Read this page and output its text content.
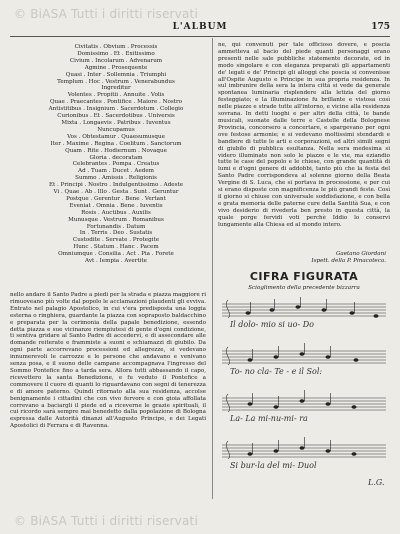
© BiASA Tutti i diritti riservati
L'ALBUM	175
Civitatis . Obvium . Processis
Domissimo . Et . Exitissimo
Civium . Incolarum . Advenarum
Agmine . Prosequente
Quasi . Inter . Sollemnia . Triumphi
Templum . Hoc . Vestrum . Venerabundus
Ingreditur
Volentes . Propitii . Annuite . Volis
Quae . Praecantes . Pontifice . Maiore . Nostro
Antistitibus . Insignium . Sacerdotum . Collegio
Curionibus . Et . Sacerdotibus . Universis
Mixta . Longaevis . Patribus . Iuventus
Nuncupamus
Vos . Obtestamur . Quaesumusque
Iter . Maxime . Regina . Coelitum . Sanctorum
Quam . Rite . Hodiernum . Novaque
Gloria . decoratam
Celebrantes . Pompa . Creatus
Ad . Tuam . Ducet . Aedem
Summo . Amissis . Religionis
Et . Principi . Nostro . Indulgentissimo . Adeste
Vi . Quae . Ab . Illo . Gesta . Sunt . Geruntur
Postque . Gerentur . Bene . Vertant
Eveniat . Omnia . Bene . Iuventis
Rosis . Auctibus . Auxilis
Munusque . Vestrum . Romanibus
Fortunandis . Datum
In . Terris . Deo . Sustatis
Custodite . Servate . Protegite
Hunc . Statum . Hanc . Pacem
Omniumque . Consilia . Act . Pia . Forete
Avt . Iempia . Avertite
nello andare il Santo Padre a piedi per la strada e piazza maggiore ri rimuoveano più volte dal popolo le acclamazioni plaudenti gli evviva. Entrato nel palagio Apostolico, in cui v'era predisposta una loggia esterna o ringhiera, guardante la piazza con sopraposto baldacchino e preparata per la cerimonia della papale benedizione, essendo detta piazza e sue vicinanze riempiutesi di gente d'ogni condizione, ti sentiva gridare al Santo Padre di accedervi, e di assecondare alle domande reiterate e frammiste a suoni e schiamazzi di giubilo. Da ogni parte accorrevano processioni ed allegrezze, si vedevano innumerevoli le carrozze e le persone che andavano e venivano senza posa, e il suono delle campane accompagnava l'ingresso del Sommo Pontefice fino a tarda sera. Allora tutti abbassando il capo, ricevettero la santa Benedizione, e fu veduto il Pontefice a commovere il cuore di quanti lo riguardavano con segni di tenerezza e di amore paterno. Quindi ritornato alla sua residenza, accolse benignamente i cittadini che con vivo fervore e con gioia affollata correvano a baciargli il piede ed a riceverne le grazie spirituali, il cui ricordo sarà sempre mai benedetto dalla popolazione di Bologna espressa dalle Autorità dinanzi all'Augusto Principe, e dei Legati Apostolici di Ferrara e di Ravenna.
ne, qui convenuti per tale officioso dovere, e poscia ammetteva al bacio del piede quanti personaggi erano presenti nelle sale pubbliche statemente decorate, ed in modo singolare e con eleganza preparati gli appartamenti de' legati e de' Principi gli alloggi che poscia si convenisse all'Ospite Augusto e Principe in sua propria residenza. In sul imbrunire della sera la intera città si vede da generale spontanea luminaria risplendere alla letizia del giorno festeggiato; e la illuminazione fu brillante e vistosa così nelle piazze e strade tutte all'intorno, e vicine alla residenza sovrana. In detti luoghi e per altri della città, le bande musicali, suonate dalle terre e Castelle della Bolognese Provincia, concorsero a concertare, e spargevano per ogni ove festose armonie; e si vedevano moltissimi stendardi e bandiere di tutte le arti e corporazioni, ed altri simili segni di giubilo di pubblica esultanza. Nella sera medesima si videro illuminate non solo le piazze e le vie, ma eziandio tutte le case del popolo e le chiese, con grande quantità di lumi e d'ogni genere di addobbi, tanto più che la festa del Santo Padre corrispondeva al solenne giorno della Beata Vergine di S. Luca, che si portava in processione, e per cui si erano disposte con magnificenza le più grandi feste. Così il giorno si chiuse con universale soddisfazione, e con bella e grata memoria delle paterne cure della Santità Sua, e con vivo desiderio di rivederla ben presto in questa città, la quale porge fervidi voti perchè Iddio lo conservi lungamente alla Chiesa ed al mondo intero.
Gaetano Giordani
Ispett. della P. Pinacoteca.
CIFRA FIGURATA
Scioglimento della precedente bizzarra
Il dolo- mio si uo- Do
To- no cla- Te - e il Sol:
La- La mi-nu-mi- ra
Si bur-la del mi- Duol
L.G.
© BiASA Tutti i diritti riservati
